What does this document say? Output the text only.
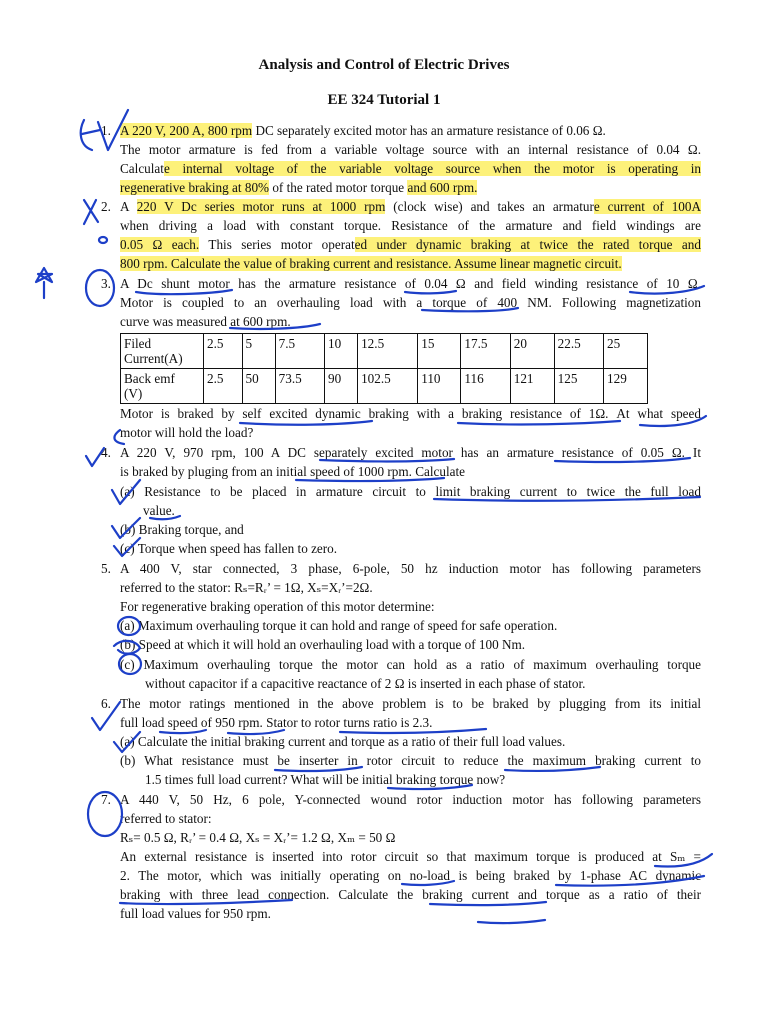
Analysis and Control of Electric Drives
EE 324 Tutorial 1
1. A 220 V, 200 A, 800 rpm DC separately excited motor has an armature resistance of 0.06 Ω.
The motor armature is fed from a variable voltage source with an internal resistance of 0.04 Ω.
Calculate internal voltage of the variable voltage source when the motor is operating in
regenerative braking at 80% of the rated motor torque and 600 rpm.
2. A 220 V Dc series motor runs at 1000 rpm (clock wise) and takes an armature current of 100A
when driving a load with constant torque. Resistance of the armature and field windings are
0.05 Ω each. This series motor operated under dynamic braking at twice the rated torque and
800 rpm. Calculate the value of braking current and resistance. Assume linear magnetic circuit.
3. A Dc shunt motor has the armature resistance of 0.04 Ω and field winding resistance of 10 Ω.
Motor is coupled to an overhauling load with a torque of 400 NM. Following magnetization
curve was measured at 600 rpm.
Filed
Current(A)	2.5	5	7.5	10	12.5	15	17.5	20	22.5	25
Back emf
(V)	2.5	50	73.5	90	102.5	110	116	121	125	129
Motor is braked by self excited dynamic braking with a braking resistance of 1Ω. At what speed
motor will hold the load?
4. A 220 V, 970 rpm, 100 A DC separately excited motor has an armature resistance of 0.05 Ω. It
is braked by pluging from an initial speed of 1000 rpm. Calculate
(a) Resistance to be placed in armature circuit to limit braking current to twice the full load
value.
(b) Braking torque, and
(c) Torque when speed has fallen to zero.
5. A 400 V, star connected, 3 phase, 6-pole, 50 hz induction motor has following parameters
referred to the stator: Rₛ=Rᵣ’ = 1Ω, Xₛ=Xᵣ’=2Ω.
For regenerative braking operation of this motor determine:
(a) Maximum overhauling torque it can hold and range of speed for safe operation.
(b) Speed at which it will hold an overhauling load with a torque of 100 Nm.
(c) Maximum overhauling torque the motor can hold as a ratio of maximum overhauling torque
without capacitor if a capacitive reactance of 2 Ω is inserted in each phase of stator.
6. The motor ratings mentioned in the above problem is to be braked by plugging from its initial
full load speed of 950 rpm. Stator to rotor turns ratio is 2.3.
(a) Calculate the initial braking current and torque as a ratio of their full load values.
(b) What resistance must be inserter in rotor circuit to reduce the maximum braking current to
1.5 times full load current? What will be initial braking torque now?
7. A 440 V, 50 Hz, 6 pole, Y-connected wound rotor induction motor has following parameters
referred to stator:
Rₛ= 0.5 Ω, Rᵣ’ = 0.4 Ω, Xₛ = Xᵣ’= 1.2 Ω, Xₘ = 50 Ω
An external resistance is inserted into rotor circuit so that maximum torque is produced at Sₘ =
2. The motor, which was initially operating on no-load is being braked by 1-phase AC dynamic
braking with three lead connection. Calculate the braking current and torque as a ratio of their
full load values for 950 rpm.
